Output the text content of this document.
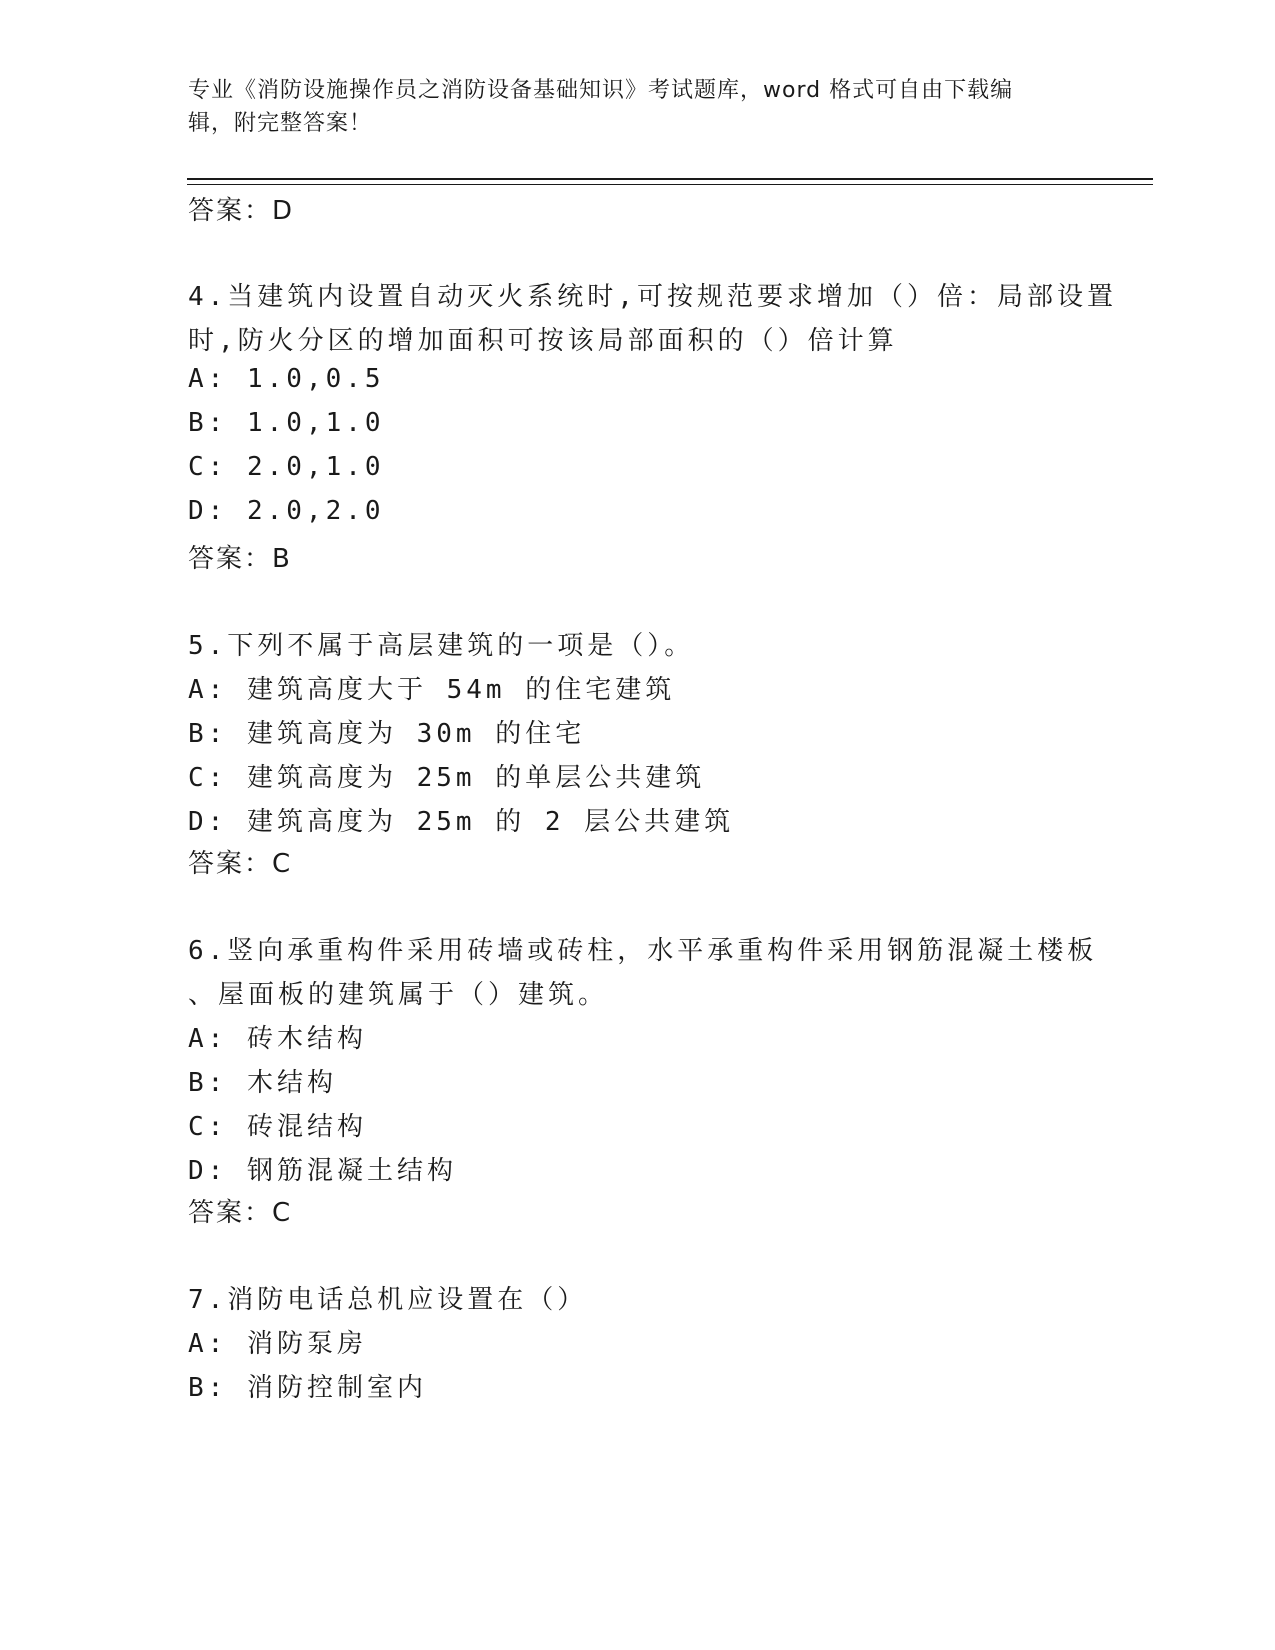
专业《消防设施操作员之消防设备基础知识》考试题库，word 格式可自由下载编
辑，附完整答案！
答案：D
4.当建筑内设置自动灭火系统时,可按规范要求增加（）倍：局部设置
时,防火分区的增加面积可按该局部面积的（）倍计算
A: 1.0,0.5
B: 1.0,1.0
C: 2.0,1.0
D: 2.0,2.0
答案：B
5.下列不属于高层建筑的一项是（）。
A: 建筑高度大于 54m 的住宅建筑
B: 建筑高度为 30m 的住宅
C: 建筑高度为 25m 的单层公共建筑
D: 建筑高度为 25m 的 2 层公共建筑
答案：C
6.竖向承重构件采用砖墙或砖柱，水平承重构件采用钢筋混凝土楼板
、屋面板的建筑属于（）建筑。
A: 砖木结构
B: 木结构
C: 砖混结构
D: 钢筋混凝土结构
答案：C
7.消防电话总机应设置在（）
A: 消防泵房
B: 消防控制室内
